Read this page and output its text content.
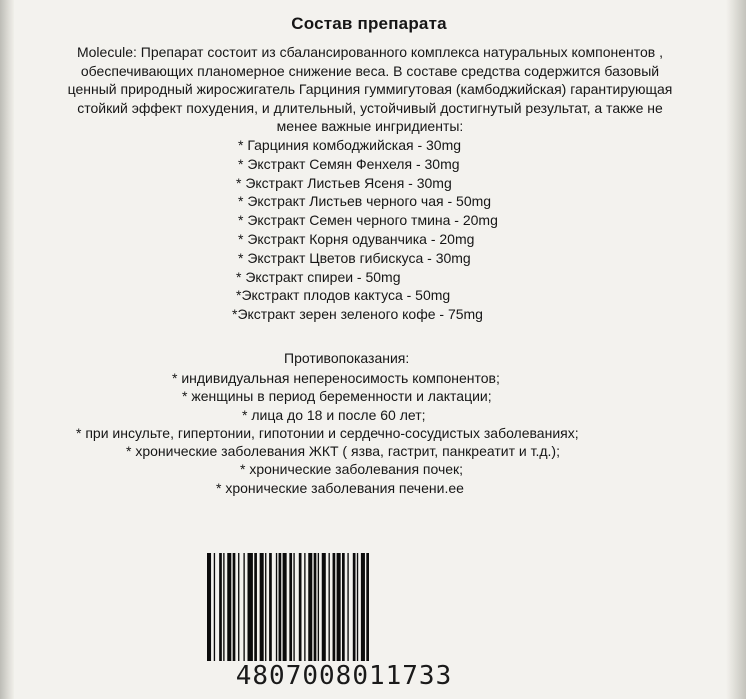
Состав препарата
Molecule: Препарат состоит из сбалансированного комплекса натуральных компонентов ,
обеспечивающих планомерное снижение веса. В составе средства содержится базовый
ценный природный жиросжигатель Гарциния гуммигутовая (камбоджийская) гарантирующая
стойкий эффект похудения, и длительный, устойчивый достигнутый результат, а также не
менее важные ингридиенты:
* Гарциния комбоджийская - 30mg
* Экстракт Семян Фенхеля - 30mg
* Экстракт Листьев Ясеня - 30mg
* Экстракт Листьев черного чая - 50mg
* Экстракт Семен черного тмина - 20mg
* Экстракт Корня одуванчика - 20mg
* Экстракт Цветов гибискуса - 30mg
* Экстракт спиреи - 50mg
*Экстракт плодов кактуса - 50mg
*Экстракт зерен зеленого кофе - 75mg
Противопоказания:
* индивидуальная непереносимость компонентов;
* женщины в период беременности и лактации;
* лица до 18 и после 60 лет;
* при инсульте, гипертонии, гипотонии и сердечно-сосудистых заболеваниях;
* хронические заболевания ЖКТ ( язва, гастрит, панкреатит и т.д.);
* хронические заболевания почек;
* хронические заболевания печени.ее
4807008011733
